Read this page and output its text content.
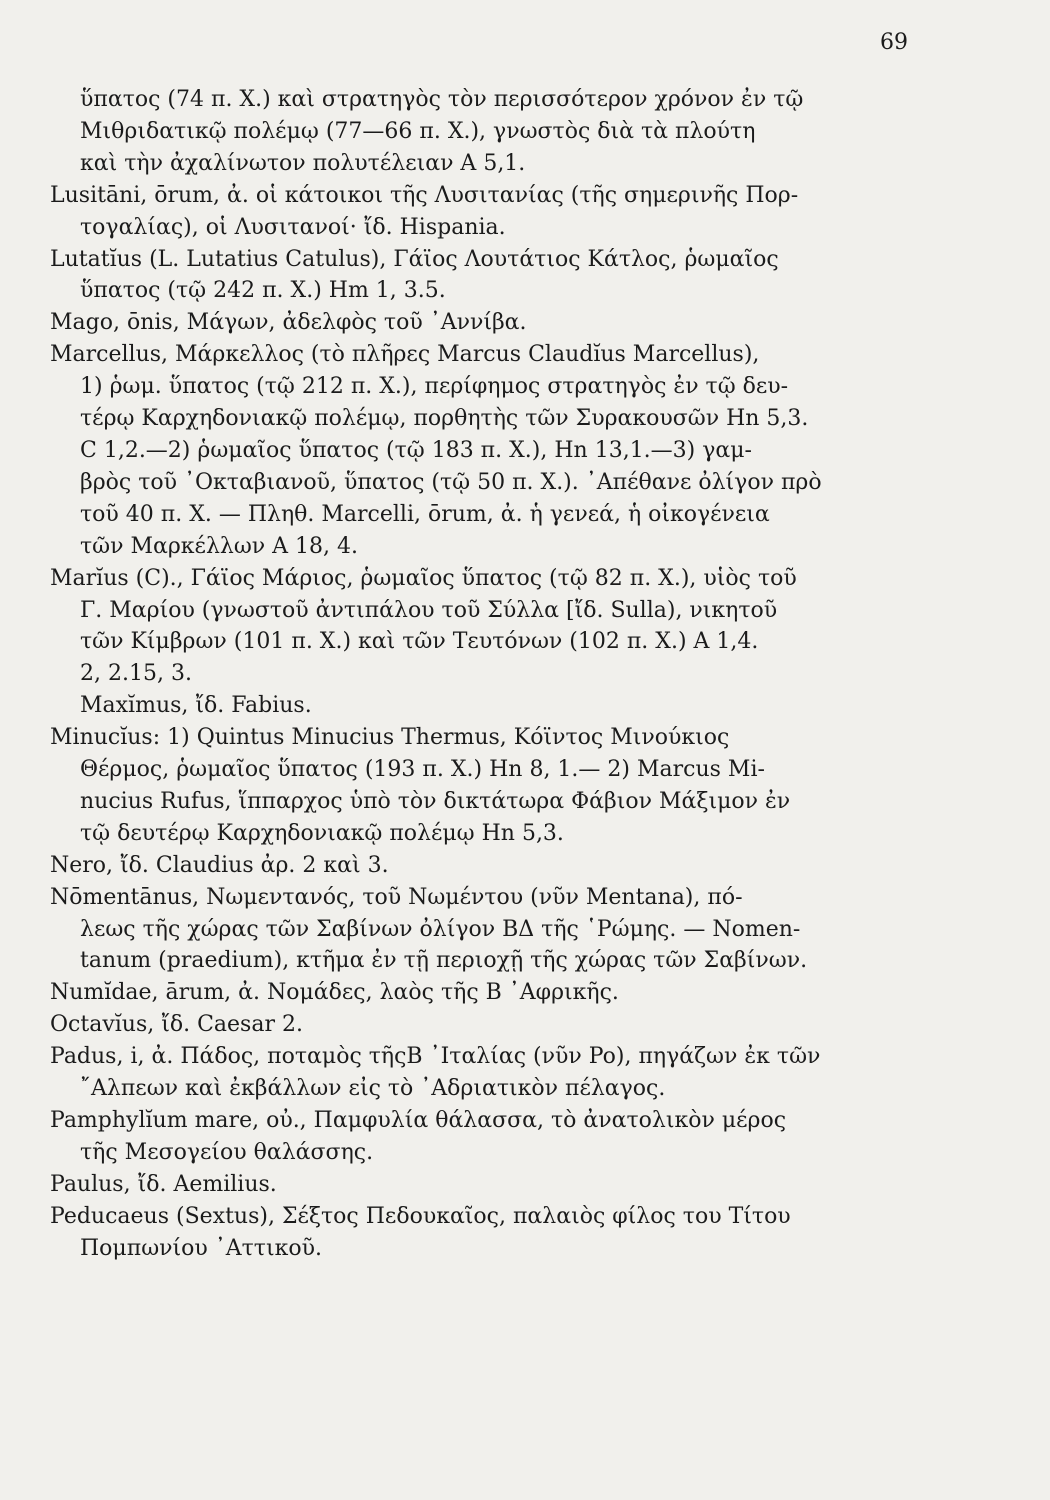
69

ὕπατος (74 π. Χ.) καὶ στρατηγὸς τὸν περισσότερον χρόνον ἐν τῷ
Μιθριδατικῷ πολέμῳ (77—66 π. Χ.), γνωστὸς διὰ τὰ πλούτη
καὶ τὴν ἀχαλίνωτον πολυτέλειαν Α 5,1.

Lusitāni, ōrum, ἀ. οἱ κάτοικοι τῆς Λυσιτανίας (τῆς σημερινῆς Πορ-
τογαλίας), οἱ Λυσιτανοί· ἴδ. Hispania.

Lutatĭus (L. Lutatius Catulus), Γάϊος Λουτάτιος Κάτλος, ῥωμαῖος
ὕπατος (τῷ 242 π. Χ.) Hm 1, 3.5.

Mago, ōnis, Μάγων, ἀδελφὸς τοῦ ᾿Αννίβα.

Marcellus, Μάρκελλος (τὸ πλῆρες Marcus Claudĭus Marcellus),
1) ῥωμ. ὕπατος (τῷ 212 π. Χ.), περίφημος στρατηγὸς ἐν τῷ δευ-
τέρῳ Καρχηδονιακῷ πολέμῳ, πορθητὴς τῶν Συρακουσῶν Hn 5,3.
C 1,2.—2) ῥωμαῖος ὕπατος (τῷ 183 π. Χ.), Hn 13,1.—3) γαμ-
βρὸς τοῦ ᾿Οκταβιανοῦ, ὕπατος (τῷ 50 π. Χ.). ᾿Απέθανε ὀλίγον πρὸ
τοῦ 40 π. Χ. — Πληθ. Marcelli, ōrum, ἀ. ἡ γενεά, ἡ οἰκογένεια
τῶν Μαρκέλλων Α 18, 4.

Marĭus (C)., Γάϊος Μάριος, ῥωμαῖος ὕπατος (τῷ 82 π. Χ.), υἱὸς τοῦ
Γ. Μαρίου (γνωστοῦ ἀντιπάλου τοῦ Σύλλα [ἴδ. Sulla), νικητοῦ
τῶν Κίμβρων (101 π. Χ.) καὶ τῶν Τευτόνων (102 π. Χ.) Α 1,4.
2, 2.15, 3.

Maxĭmus, ἴδ. Fabius.

Minucĭus: 1) Quintus Minucius Thermus, Κόϊντος Μινούκιος
Θέρμος, ῥωμαῖος ὕπατος (193 π. Χ.) Hn 8, 1.— 2) Marcus Mi-
nucius Rufus, ἵππαρχος ὑπὸ τὸν δικτάτωρα Φάβιον Μάξιμον ἐν
τῷ δευτέρῳ Καρχηδονιακῷ πολέμῳ Hn 5,3.

Nero, ἴδ. Claudius ἀρ. 2 καὶ 3.

Nōmentānus, Νωμεντανός, τοῦ Νωμέντου (νῦν Mentana), πό-
λεως τῆς χώρας τῶν Σαβίνων ὀλίγον ΒΔ τῆς ῾Ρώμης. — Nomen-
tanum (praedium), κτῆμα ἐν τῇ περιοχῇ τῆς χώρας τῶν Σαβίνων.

Numĭdae, ārum, ἀ. Νομάδες, λαὸς τῆς Β ᾿Αφρικῆς.

Octavĭus, ἴδ. Caesar 2.

Padus, i, ἀ. Πάδος, ποταμὸς τῆςΒ ᾿Ιταλίας (νῦν Po), πηγάζων ἐκ τῶν
῎Αλπεων καὶ ἐκβάλλων εἰς τὸ ᾿Αδριατικὸν πέλαγος.

Pamphylĭum mare, οὐ., Παμφυλία θάλασσα, τὸ ἀνατολικὸν μέρος
τῆς Μεσογείου θαλάσσης.

Paulus, ἴδ. Aemilius.

Peducaeus (Sextus), Σέξτος Πεδουκαῖος, παλαιὸς φίλος του Τίτου
Πομπωνίου ᾿Αττικοῦ.
